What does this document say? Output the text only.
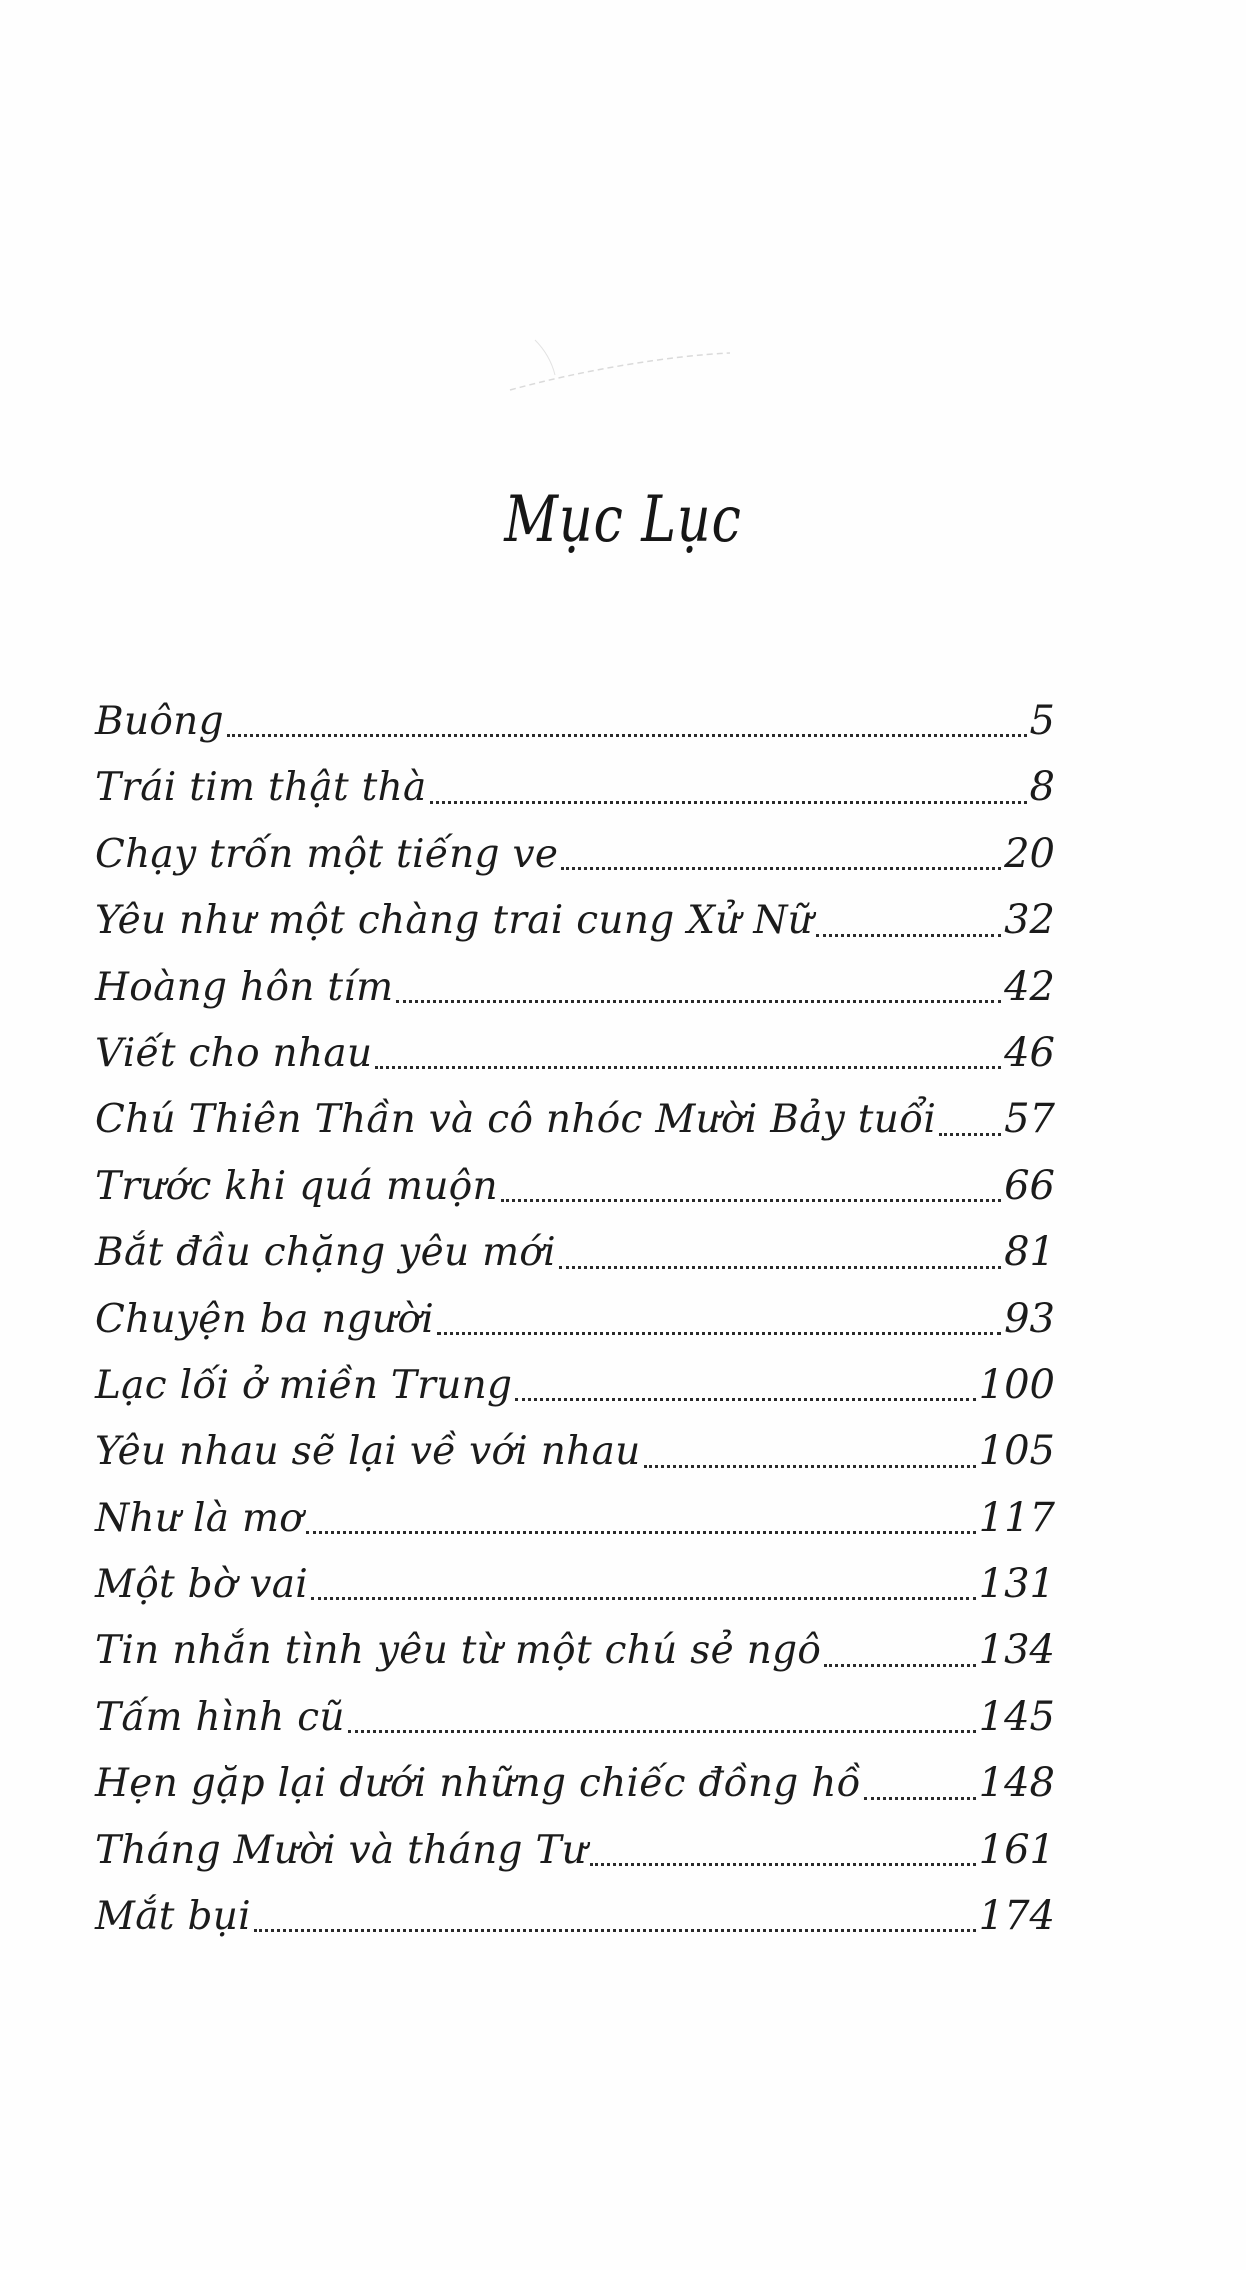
Mục Lục
Buông	5
Trái tim thật thà	8
Chạy trốn một tiếng ve	20
Yêu như một chàng trai cung Xử Nữ	32
Hoàng hôn tím	42
Viết cho nhau	46
Chú Thiên Thần và cô nhóc Mười Bảy tuổi 57
Trước khi quá muộn	66
Bắt đầu chặng yêu mới	81
Chuyện ba người	93
Lạc lối ở miền Trung	100
Yêu nhau sẽ lại về với nhau	105
Như là mơ	117
Một bờ vai	131
Tin nhắn tình yêu từ một chú sẻ ngô	134
Tấm hình cũ	145
Hẹn gặp lại dưới những chiếc đồng hồ	148
Tháng Mười và tháng Tư	161
Mắt bụi	174
